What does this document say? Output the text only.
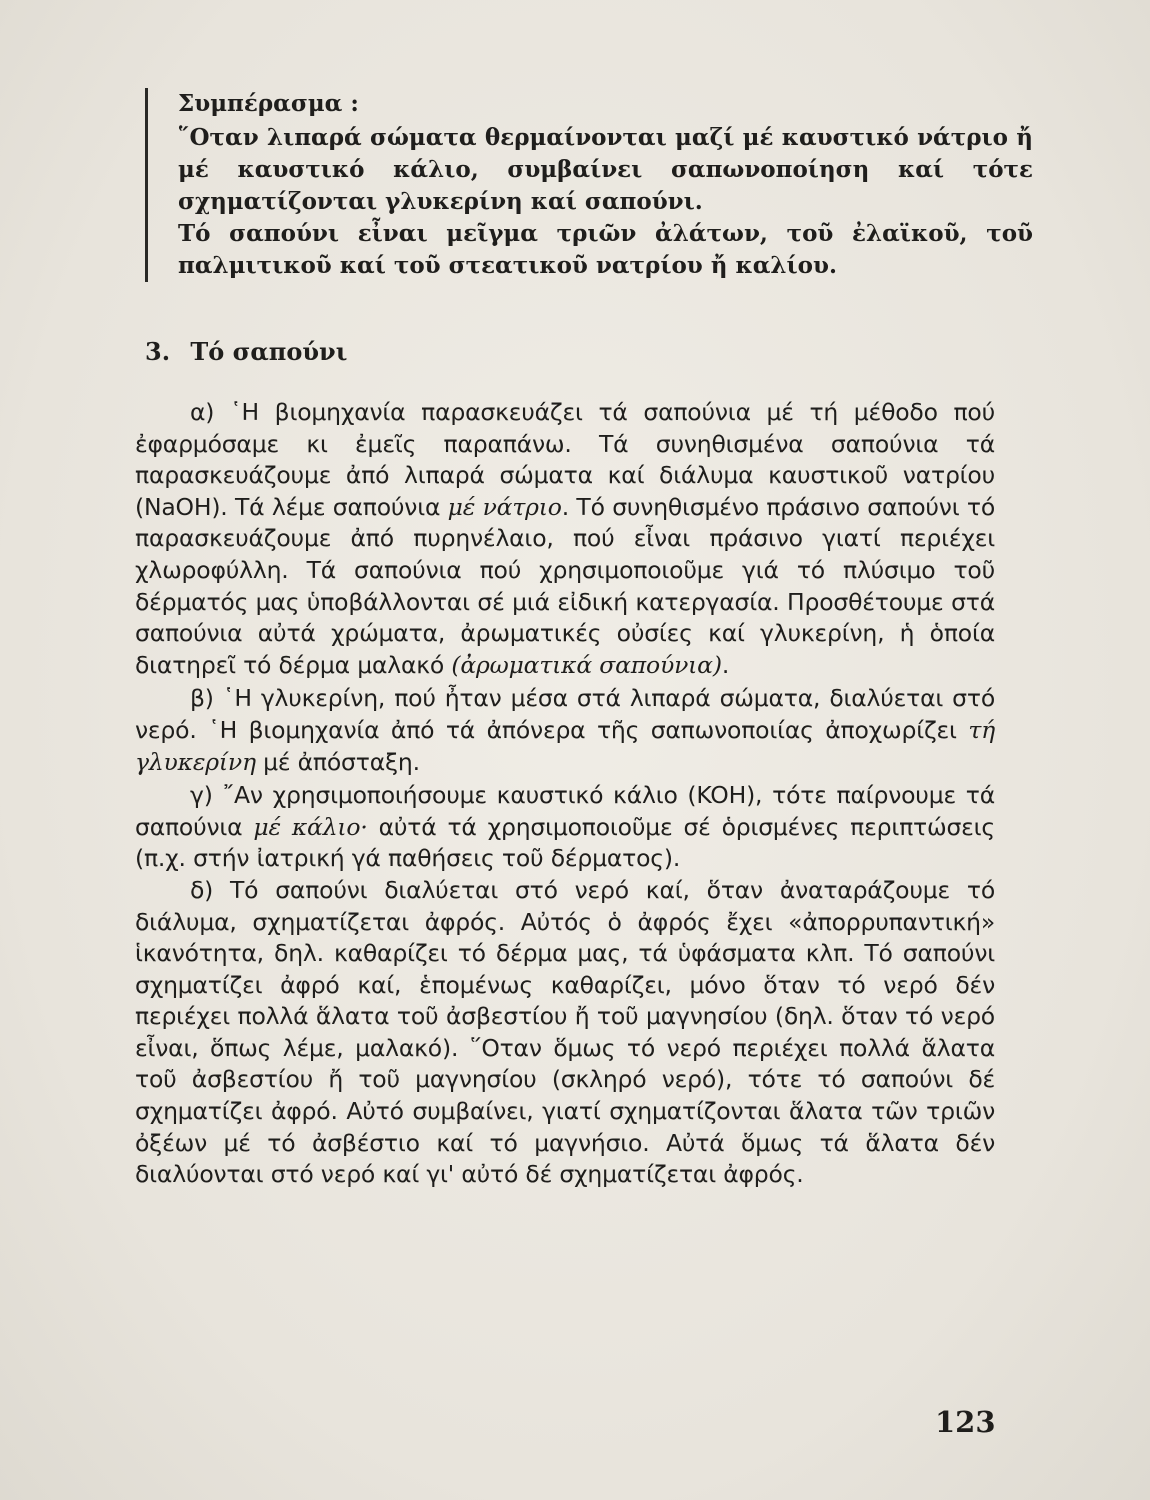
Συμπέρασμα :

῞Οταν λιπαρά σώματα θερμαίνονται μαζί μέ καυστικό νάτριο ἤ μέ καυστικό κάλιο, συμβαίνει σαπωνοποίηση καί τότε σχηματίζονται γλυκερίνη καί σαπούνι.

Τό σαπούνι εἶναι μεῖγμα τριῶν ἀλάτων, τοῦ ἐλαϊκοῦ, τοῦ παλμιτικοῦ καί τοῦ στεατικοῦ νατρίου ἤ καλίου.

3. Τό σαπούνι

α) ῾Η βιομηχανία παρασκευάζει τά σαπούνια μέ τή μέθοδο πού ἐφαρμόσαμε κι ἐμεῖς παραπάνω. Τά συνηθισμένα σαπούνια τά παρασκευάζουμε ἀπό λιπαρά σώματα καί διάλυμα καυστικοῦ νατρίου (NaOH). Τά λέμε σαπούνια μέ νάτριο. Τό συνηθισμένο πράσινο σαπούνι τό παρασκευάζουμε ἀπό πυρηνέλαιο, πού εἶναι πράσινο γιατί περιέχει χλωροφύλλη. Τά σαπούνια πού χρησιμοποιοῦμε γιά τό πλύσιμο τοῦ δέρματός μας ὑποβάλλονται σέ μιά εἰδική κατεργασία. Προσθέτουμε στά σαπούνια αὐτά χρώματα, ἀρωματικές οὐσίες καί γλυκερίνη, ἡ ὁποία διατηρεῖ τό δέρμα μαλακό (ἀρωματικά σαπούνια).

β) ῾Η γλυκερίνη, πού ἦταν μέσα στά λιπαρά σώματα, διαλύεται στό νερό. ῾Η βιομηχανία ἀπό τά ἀπόνερα τῆς σαπωνοποιίας ἀποχωρίζει τή γλυκερίνη μέ ἀπόσταξη.

γ) ῎Αν χρησιμοποιήσουμε καυστικό κάλιο (KOH), τότε παίρνουμε τά σαπούνια μέ κάλιο· αὐτά τά χρησιμοποιοῦμε σέ ὁρισμένες περιπτώσεις (π.χ. στήν ἰατρική γά παθήσεις τοῦ δέρματος).

δ) Τό σαπούνι διαλύεται στό νερό καί, ὅταν ἀναταράζουμε τό διάλυμα, σχηματίζεται ἀφρός. Αὐτός ὁ ἀφρός ἔχει «ἀπορρυπαντική» ἱκανότητα, δηλ. καθαρίζει τό δέρμα μας, τά ὑφάσματα κλπ. Τό σαπούνι σχηματίζει ἀφρό καί, ἑπομένως καθαρίζει, μόνο ὅταν τό νερό δέν περιέχει πολλά ἅλατα τοῦ ἀσβεστίου ἤ τοῦ μαγνησίου (δηλ. ὅταν τό νερό εἶναι, ὅπως λέμε, μαλακό). ῞Οταν ὅμως τό νερό περιέχει πολλά ἅλατα τοῦ ἀσβεστίου ἤ τοῦ μαγνησίου (σκληρό νερό), τότε τό σαπούνι δέ σχηματίζει ἀφρό. Αὐτό συμβαίνει, γιατί σχηματίζονται ἅλατα τῶν τριῶν ὀξέων μέ τό ἀσβέστιο καί τό μαγνήσιο. Αὐτά ὅμως τά ἅλατα δέν διαλύονται στό νερό καί γι' αὐτό δέ σχηματίζεται ἀφρός.

123
